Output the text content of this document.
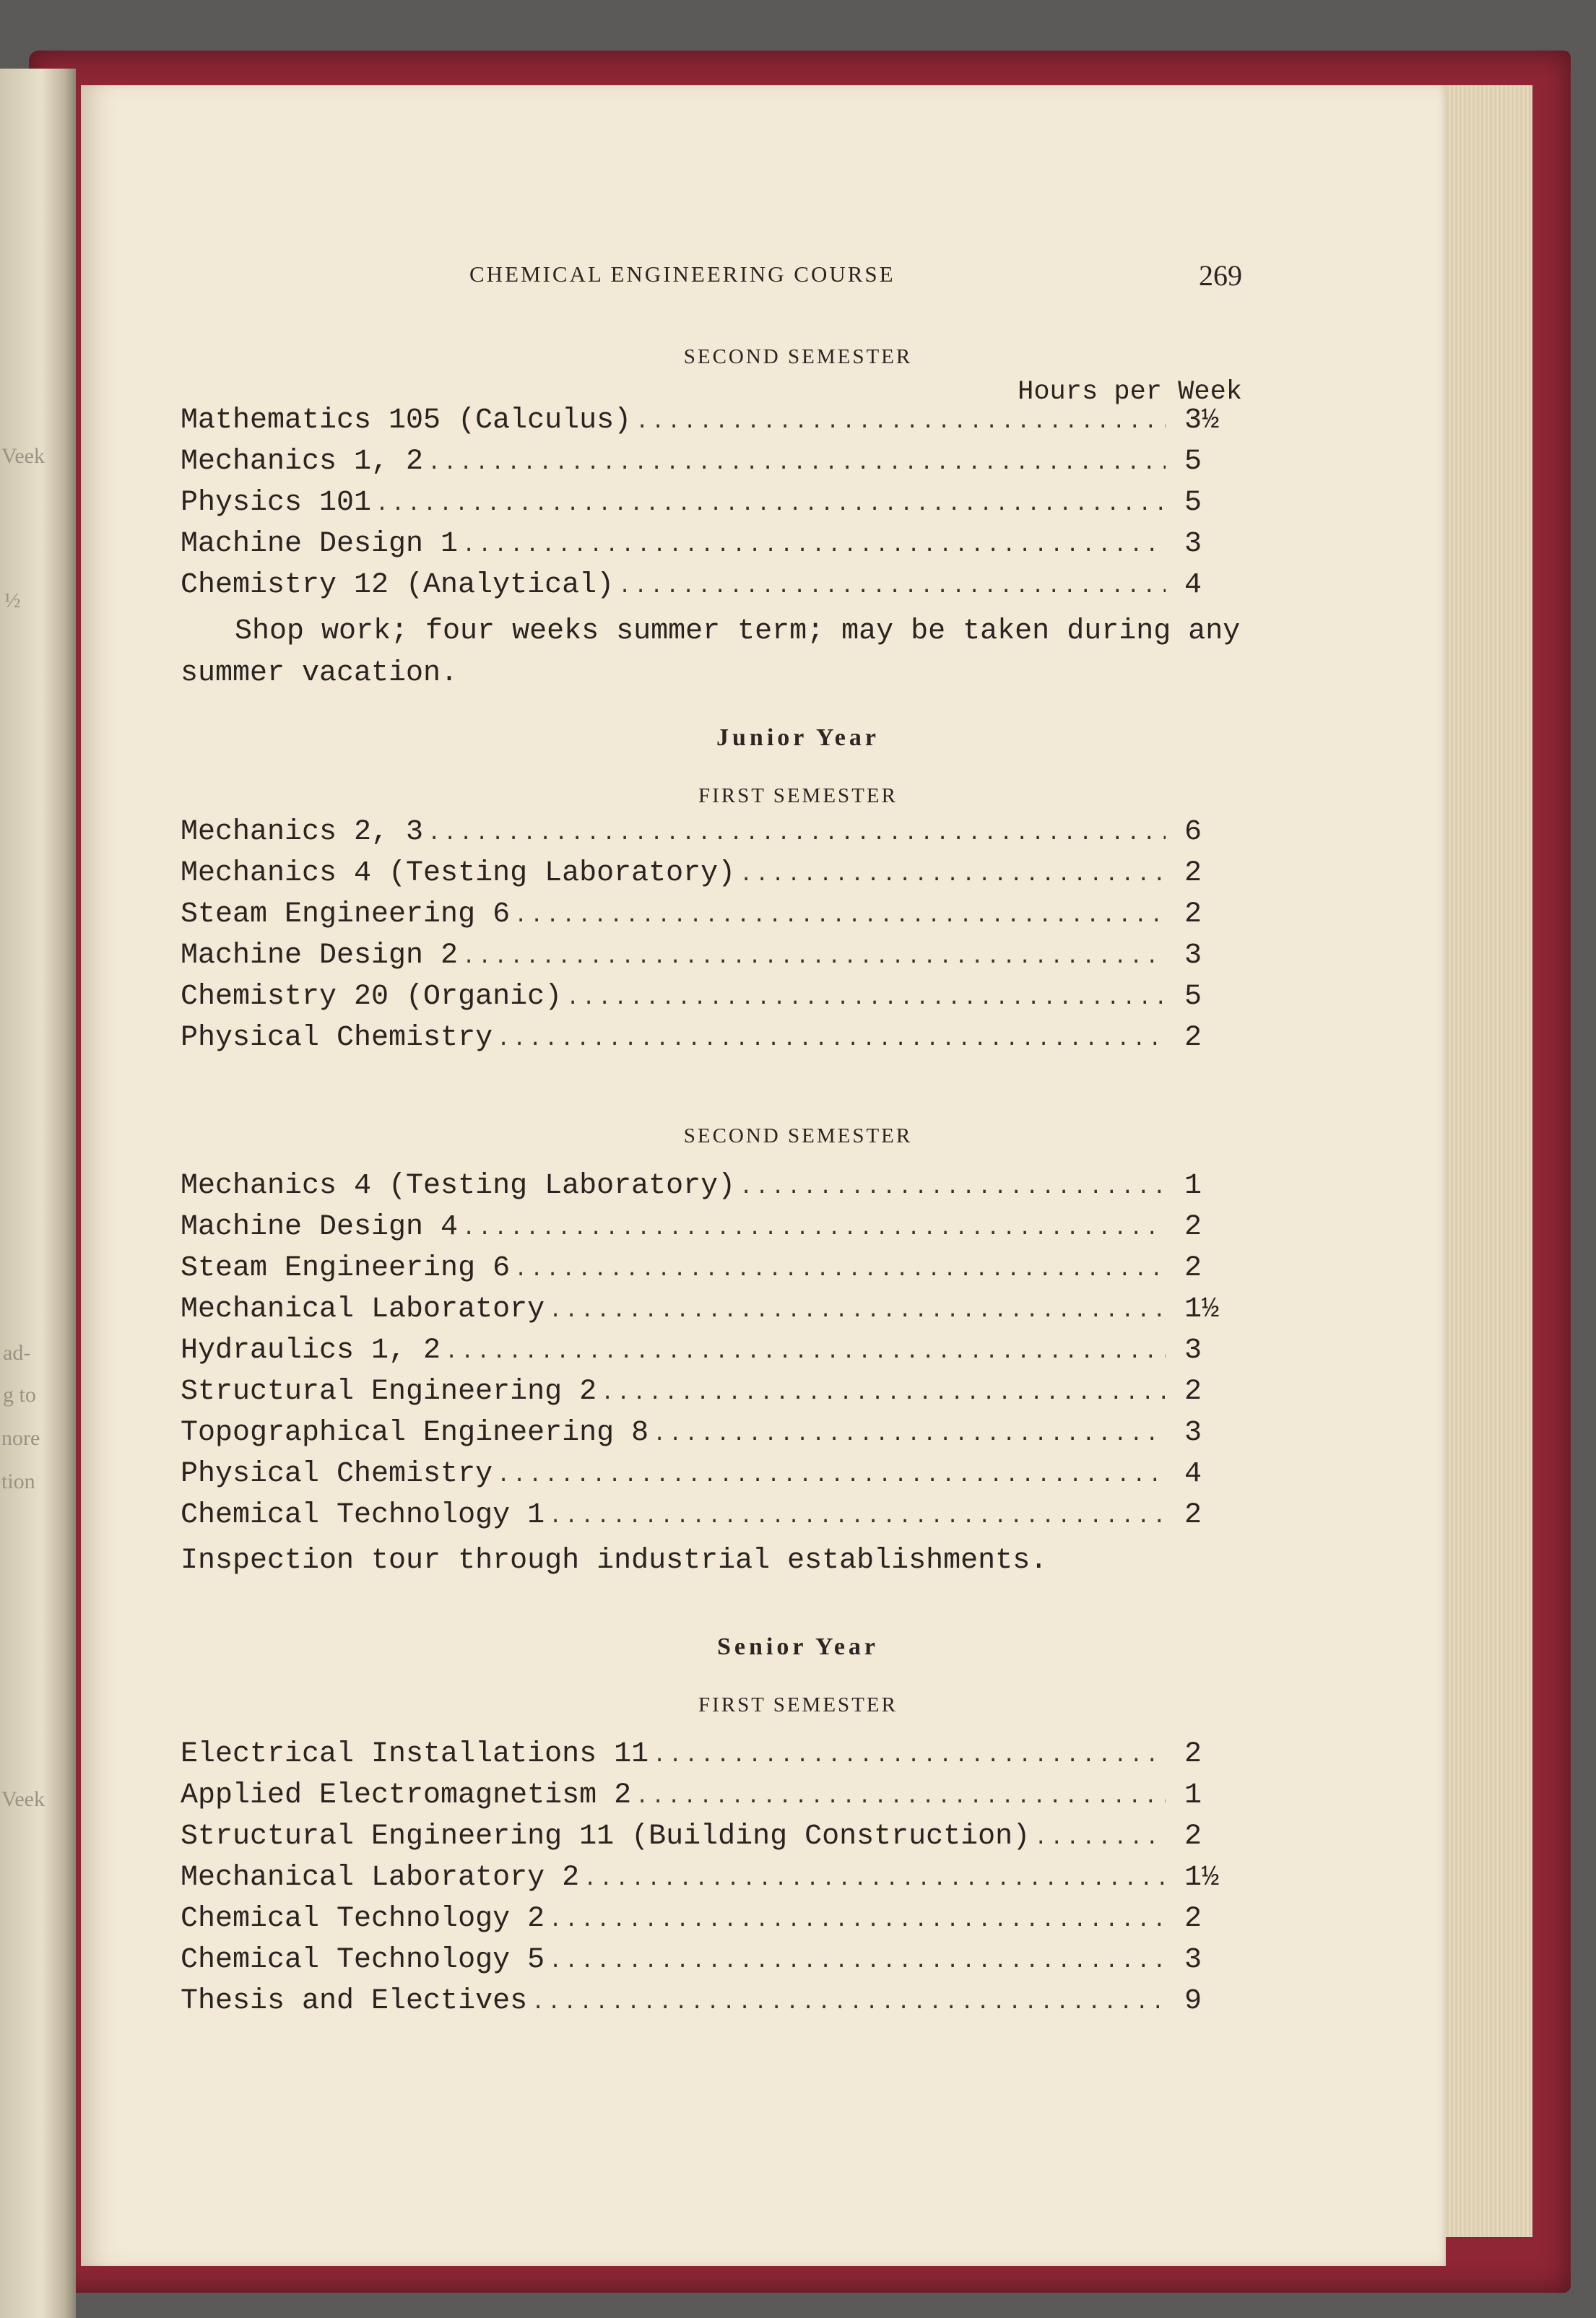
Veek
½
ad-
g to
nore
tion
Veek
CHEMICAL ENGINEERING COURSE	269
SECOND SEMESTER
Hours per Week
Mathematics 105 (Calculus) .....	3½
Mechanics 1, 2 .....	5
Physics 101 .....	5
Machine Design 1 .....	3
Chemistry 12 (Analytical) .....	4
Shop work; four weeks summer term; may be taken during any summer vacation.
Junior Year
FIRST SEMESTER
Mechanics 2, 3 .....	6
Mechanics 4 (Testing Laboratory) .....	2
Steam Engineering 6 .....	2
Machine Design 2 .....	3
Chemistry 20 (Organic) .....	5
Physical Chemistry .....	2
SECOND SEMESTER
Mechanics 4 (Testing Laboratory) .....	1
Machine Design 4 .....	2
Steam Engineering 6 .....	2
Mechanical Laboratory .....	1½
Hydraulics 1, 2 .....	3
Structural Engineering 2 .....	2
Topographical Engineering 8 .....	3
Physical Chemistry .....	4
Chemical Technology 1 .....	2
Inspection tour through industrial establishments.
Senior Year
FIRST SEMESTER
Electrical Installations 11 .....	2
Applied Electromagnetism 2 .....	1
Structural Engineering 11 (Building Construction) .....	2
Mechanical Laboratory 2 .....	1½
Chemical Technology 2 .....	2
Chemical Technology 5 .....	3
Thesis and Electives .....	9
